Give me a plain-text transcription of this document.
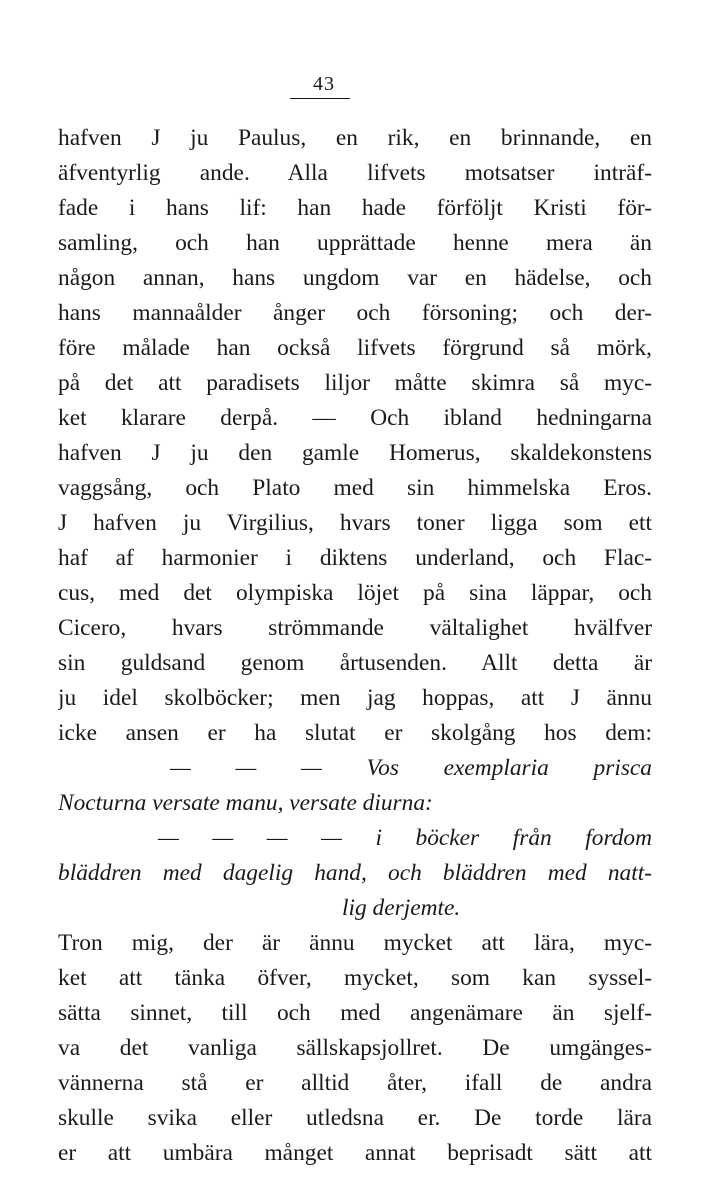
43
hafven J ju Paulus, en rik, en brinnande, en
äfventyrlig ande. Alla lifvets motsatser inträf-
fade i hans lif: han hade förföljt Kristi för-
samling, och han upprättade henne mera än
någon annan, hans ungdom var en hädelse, och
hans mannaålder ånger och försoning; och der-
före målade han också lifvets förgrund så mörk,
på det att paradisets liljor måtte skimra så myc-
ket klarare derpå. — Och ibland hedningarna
hafven J ju den gamle Homerus, skaldekonstens
vaggsång, och Plato med sin himmelska Eros.
J hafven ju Virgilius, hvars toner ligga som ett
haf af harmonier i diktens underland, och Flac-
cus, med det olympiska löjet på sina läppar, och
Cicero, hvars strömmande vältalighet hvälfver
sin guldsand genom årtusenden. Allt detta är
ju idel skolböcker; men jag hoppas, att J ännu
icke ansen er ha slutat er skolgång hos dem:
— — — Vos exemplaria prisca
Nocturna versate manu, versate diurna:
— — — — i böcker från fordom
bläddren med dagelig hand, och bläddren med natt-
lig derjemte.
Tron mig, der är ännu mycket att lära, myc-
ket att tänka öfver, mycket, som kan syssel-
sätta sinnet, till och med angenämare än sjelf-
va det vanliga sällskapsjollret. De umgänges-
vännerna stå er alltid åter, ifall de andra
skulle svika eller utledsna er. De torde lära
er att umbära månget annat beprisadt sätt att
